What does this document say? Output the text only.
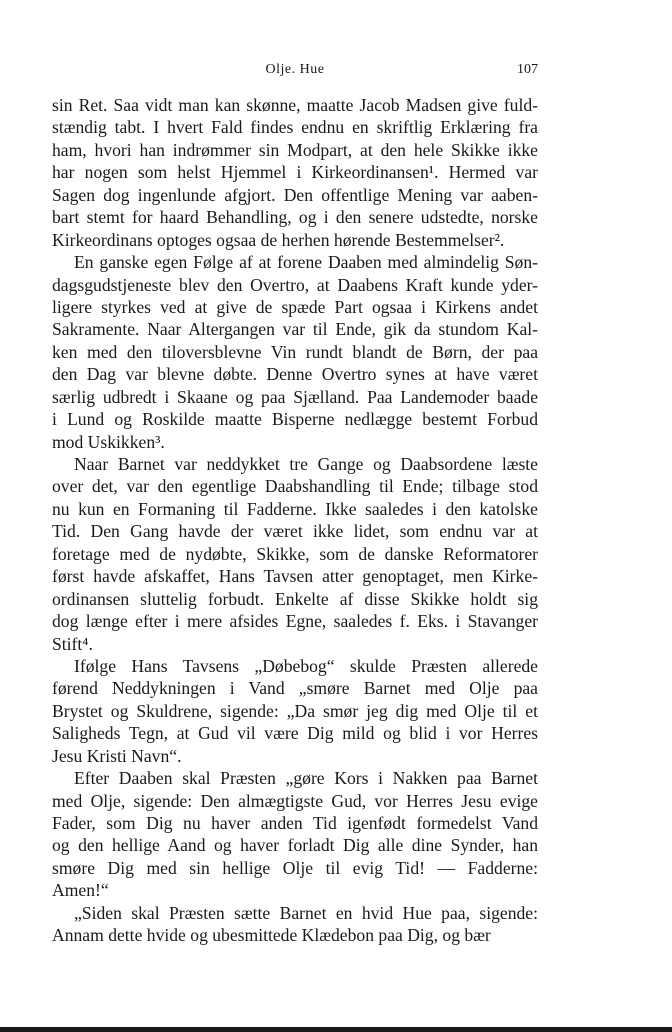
Olje. Hue	107
sin Ret. Saa vidt man kan skønne, maatte Jacob Madsen give fuld-
stændig tabt. I hvert Fald findes endnu en skriftlig Erklæring fra
ham, hvori han indrømmer sin Modpart, at den hele Skikke ikke
har nogen som helst Hjemmel i Kirkeordinansen¹. Hermed var
Sagen dog ingenlunde afgjort. Den offentlige Mening var aaben-
bart stemt for haard Behandling, og i den senere udstedte, norske
Kirkeordinans optoges ogsaa de herhen hørende Bestemmelser².
En ganske egen Følge af at forene Daaben med almindelig Søn-
dagsgudstjeneste blev den Overtro, at Daabens Kraft kunde yder-
ligere styrkes ved at give de spæde Part ogsaa i Kirkens andet
Sakramente. Naar Altergangen var til Ende, gik da stundom Kal-
ken med den tiloversblevne Vin rundt blandt de Børn, der paa
den Dag var blevne døbte. Denne Overtro synes at have været
særlig udbredt i Skaane og paa Sjælland. Paa Landemoder baade
i Lund og Roskilde maatte Bisperne nedlægge bestemt Forbud
mod Uskikken³.
Naar Barnet var neddykket tre Gange og Daabsordene læste
over det, var den egentlige Daabshandling til Ende; tilbage stod
nu kun en Formaning til Fadderne. Ikke saaledes i den katolske
Tid. Den Gang havde der været ikke lidet, som endnu var at
foretage med de nydøbte, Skikke, som de danske Reformatorer
først havde afskaffet, Hans Tavsen atter genoptaget, men Kirke-
ordinansen sluttelig forbudt. Enkelte af disse Skikke holdt sig
dog længe efter i mere afsides Egne, saaledes f. Eks. i Stavanger
Stift⁴.
Ifølge Hans Tavsens „Døbebog“ skulde Præsten allerede
førend Neddykningen i Vand „smøre Barnet med Olje paa
Brystet og Skuldrene, sigende: „Da smør jeg dig med Olje til et
Saligheds Tegn, at Gud vil være Dig mild og blid i vor Herres
Jesu Kristi Navn“.
Efter Daaben skal Præsten „gøre Kors i Nakken paa Barnet
med Olje, sigende: Den almægtigste Gud, vor Herres Jesu evige
Fader, som Dig nu haver anden Tid igenfødt formedelst Vand
og den hellige Aand og haver forladt Dig alle dine Synder, han
smøre Dig med sin hellige Olje til evig Tid! — Fadderne:
Amen!“
„Siden skal Præsten sætte Barnet en hvid Hue paa, sigende:
Annam dette hvide og ubesmittede Klædebon paa Dig, og bær
